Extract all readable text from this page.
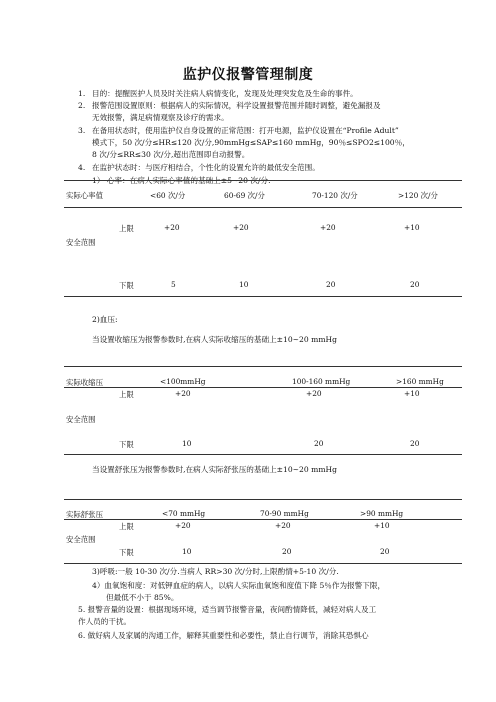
监护仪报警管理制度
1. 目的：提醒医护人员及时关注病人病情变化，发现及处理突发危及生命的事件。
2. 报警范围设置原则：根据病人的实际情况，科学设置报警范围并随时调整，避免漏报及
无效报警，满足病情观察及诊疗的需求。
3. 在备用状态时，使用监护仪自身设置的正常范围：打开电源，监护仪设置在“Profile Adult”
模式下，50 次/分≤HR≤120 次/分,90mmHg≤SAP≤160 mmHg，90％≤SPO2≤100％，
8 次/分≤RR≤30 次/分,超出范围即自动报警。
4. 在监护状态时：与医疗相结合，个性化的设置允许的最低安全范围。
1） 心率：在病人实际心率值的基础上±5~20 次/分.
实际心率值	<60 次/分	60-69 次/分	70-120 次/分	>120 次/分
上限	+20	+20	+20	+10
安全范围
下限	5	10	20	20
2)血压:
当设置收缩压为报警参数时,在病人实际收缩压的基础上±10~20 mmHg
实际收缩压	<100mmHg	100-160 mmHg	>160 mmHg
上限	+20	+20	+10
安全范围
下限	10	20	20
当设置舒张压为报警参数时,在病人实际舒张压的基础上±10~20 mmHg
实际舒张压	<70 mmHg	70-90 mmHg	>90 mmHg
上限	+20	+20	+10
安全范围
下限	10	20	20
3)呼吸:一般 10-30 次/分.当病人 RR>30 次/分时,上限酌情+5-10 次/分.
4）血氧饱和度：对低钾血症的病人，以病人实际血氧饱和度值下降 5％作为报警下限，
但最低不小于 85%。
5. 报警音量的设置：根据现场环境，适当调节报警音量，夜间酌情降低，减轻对病人及工
作人员的干扰。
6. 做好病人及家属的沟通工作，解释其重要性和必要性，禁止自行调节，消除其恐惧心
